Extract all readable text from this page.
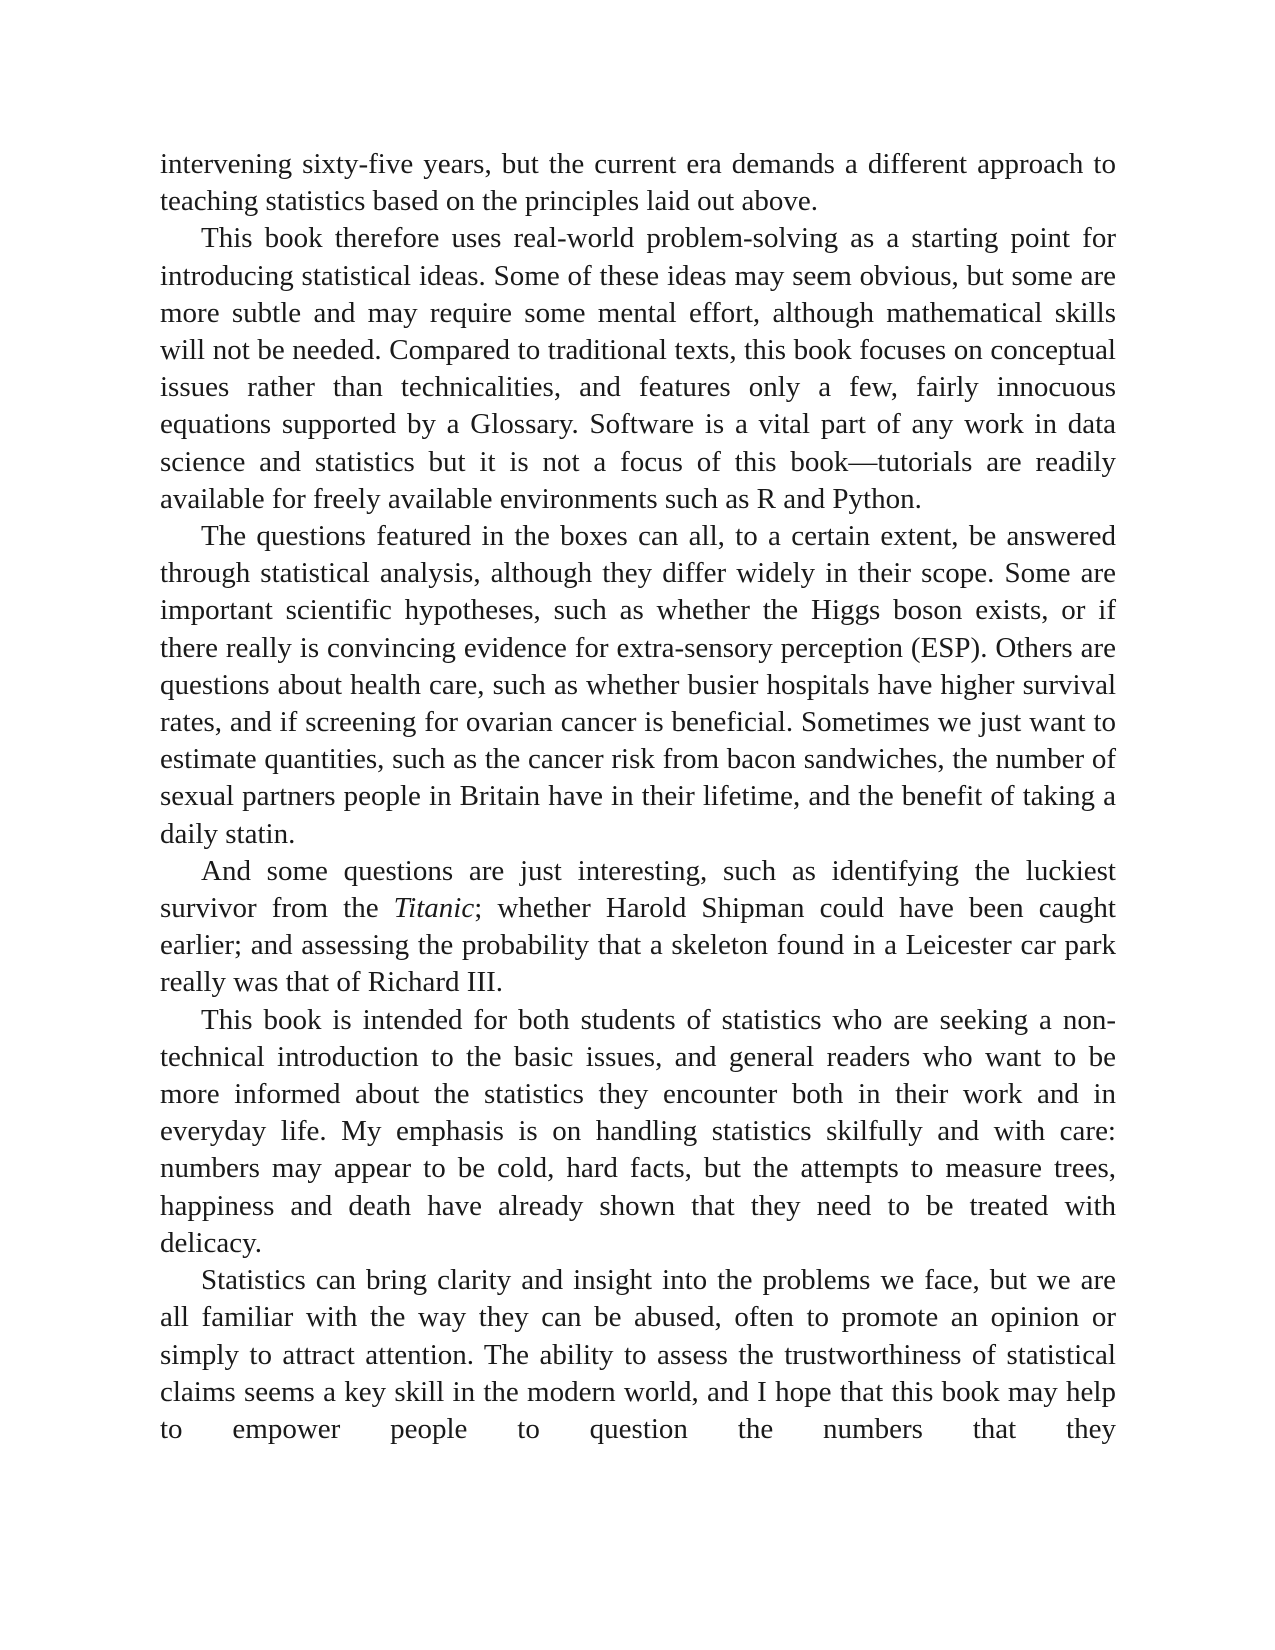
intervening sixty-five years, but the current era demands a different approach to teaching statistics based on the principles laid out above.

This book therefore uses real-world problem-solving as a starting point for introducing statistical ideas. Some of these ideas may seem obvious, but some are more subtle and may require some mental effort, although mathematical skills will not be needed. Compared to traditional texts, this book focuses on conceptual issues rather than technicalities, and features only a few, fairly innocuous equations supported by a Glossary. Software is a vital part of any work in data science and statistics but it is not a focus of this book—tutorials are readily available for freely available environments such as R and Python.

The questions featured in the boxes can all, to a certain extent, be answered through statistical analysis, although they differ widely in their scope. Some are important scientific hypotheses, such as whether the Higgs boson exists, or if there really is convincing evidence for extra-sensory perception (ESP). Others are questions about health care, such as whether busier hospitals have higher survival rates, and if screening for ovarian cancer is beneficial. Sometimes we just want to estimate quantities, such as the cancer risk from bacon sandwiches, the number of sexual partners people in Britain have in their lifetime, and the benefit of taking a daily statin.

And some questions are just interesting, such as identifying the luckiest survivor from the Titanic; whether Harold Shipman could have been caught earlier; and assessing the probability that a skeleton found in a Leicester car park really was that of Richard III.

This book is intended for both students of statistics who are seeking a non-technical introduction to the basic issues, and general readers who want to be more informed about the statistics they encounter both in their work and in everyday life. My emphasis is on handling statistics skilfully and with care: numbers may appear to be cold, hard facts, but the attempts to measure trees, happiness and death have already shown that they need to be treated with delicacy.

Statistics can bring clarity and insight into the problems we face, but we are all familiar with the way they can be abused, often to promote an opinion or simply to attract attention. The ability to assess the trustworthiness of statistical claims seems a key skill in the modern world, and I hope that this book may help to empower people to question the numbers that they
